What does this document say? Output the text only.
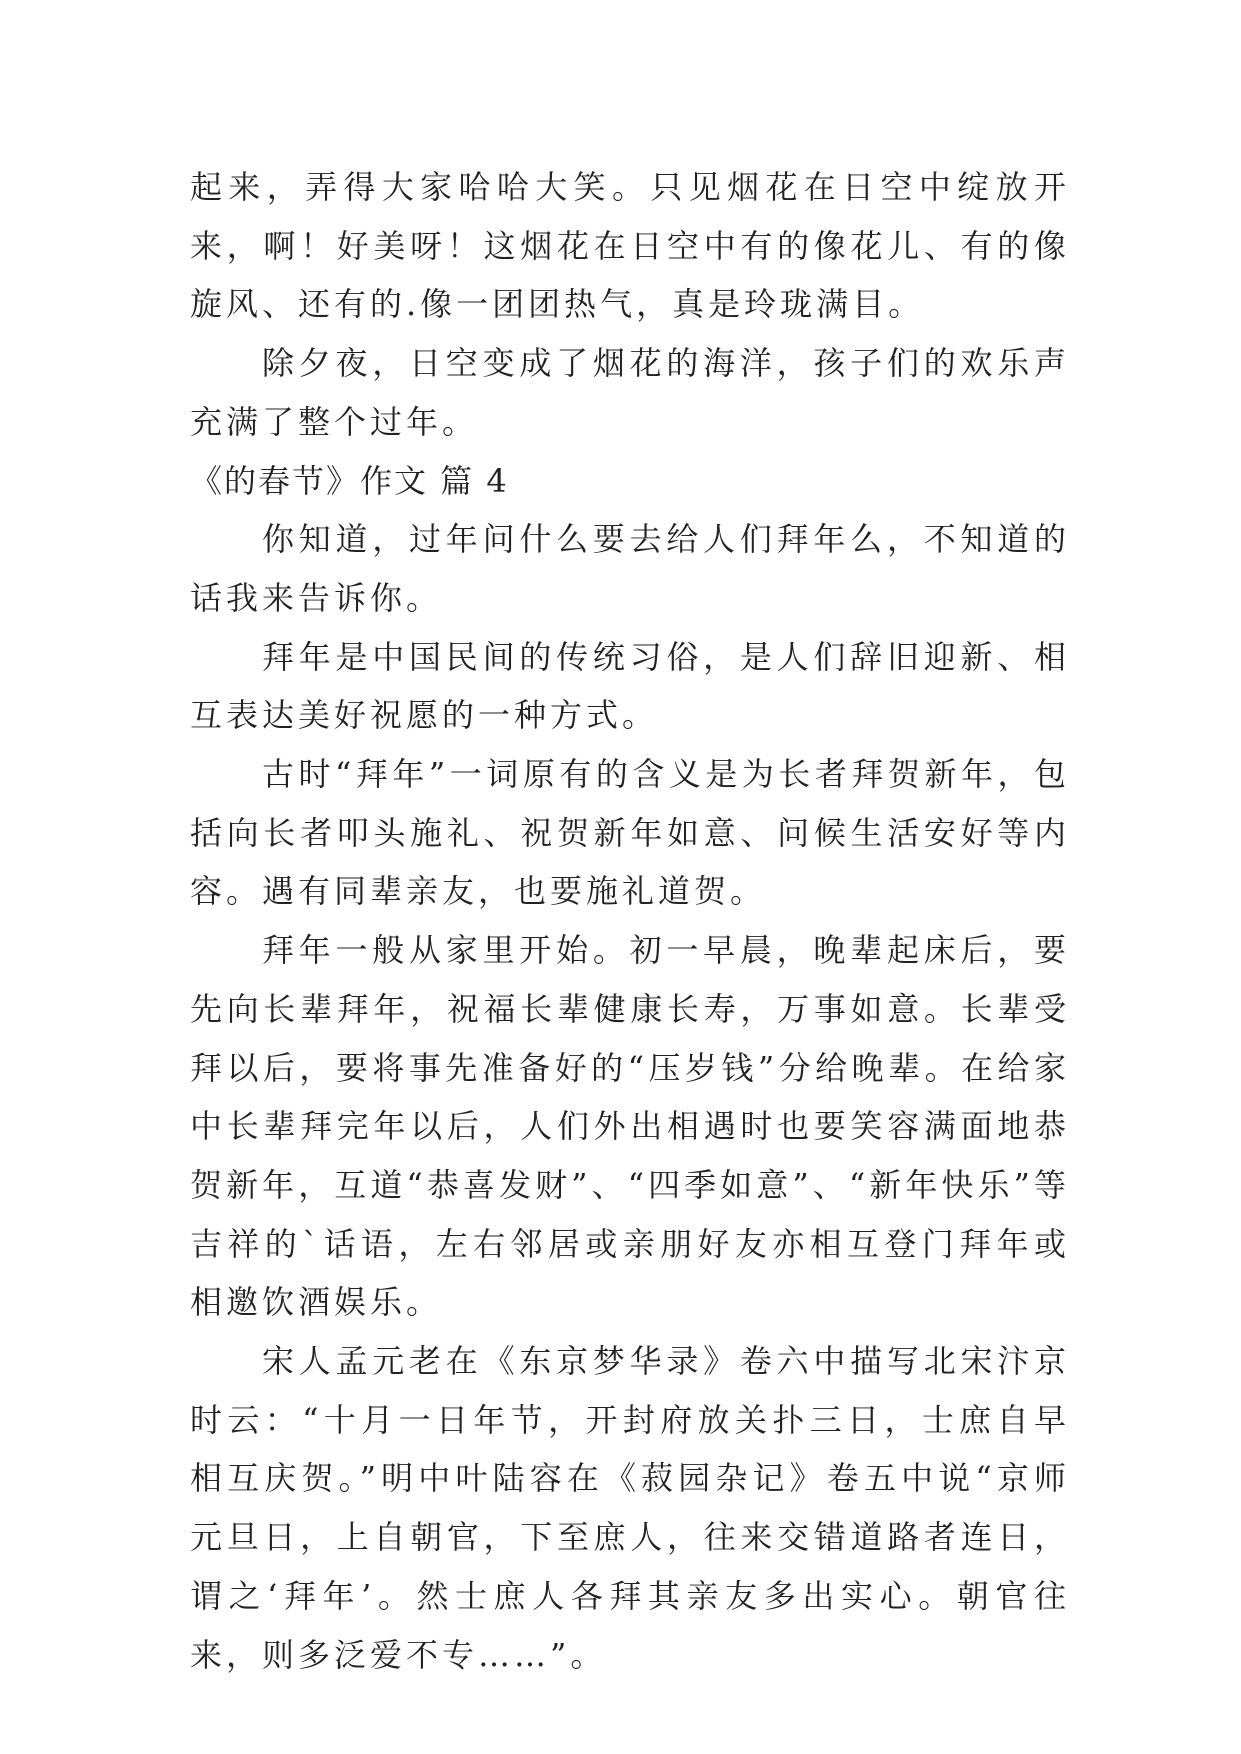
起来，弄得大家哈哈大笑。只见烟花在日空中绽放开来，啊！好美呀！这烟花在日空中有的像花儿、有的像旋风、还有的.像一团团热气，真是玲珑满目。

除夕夜，日空变成了烟花的海洋，孩子们的欢乐声充满了整个过年。

《的春节》作文 篇 4

你知道，过年问什么要去给人们拜年么，不知道的话我来告诉你。

拜年是中国民间的传统习俗，是人们辞旧迎新、相互表达美好祝愿的一种方式。

古时“拜年”一词原有的含义是为长者拜贺新年，包括向长者叩头施礼、祝贺新年如意、问候生活安好等内容。遇有同辈亲友，也要施礼道贺。

拜年一般从家里开始。初一早晨，晚辈起床后，要先向长辈拜年，祝福长辈健康长寿，万事如意。长辈受拜以后，要将事先准备好的“压岁钱”分给晚辈。在给家中长辈拜完年以后，人们外出相遇时也要笑容满面地恭贺新年，互道“恭喜发财”、“四季如意”、“新年快乐”等吉祥的`话语，左右邻居或亲朋好友亦相互登门拜年或相邀饮酒娱乐。

宋人孟元老在《东京梦华录》卷六中描写北宋汴京时云：“十月一日年节，开封府放关扑三日，士庶自早相互庆贺。”明中叶陆容在《菽园杂记》卷五中说“京师元旦日，上自朝官，下至庶人，往来交错道路者连日，谓之‘拜年’。然士庶人各拜其亲友多出实心。朝官往来，则多泛爱不专……”。
